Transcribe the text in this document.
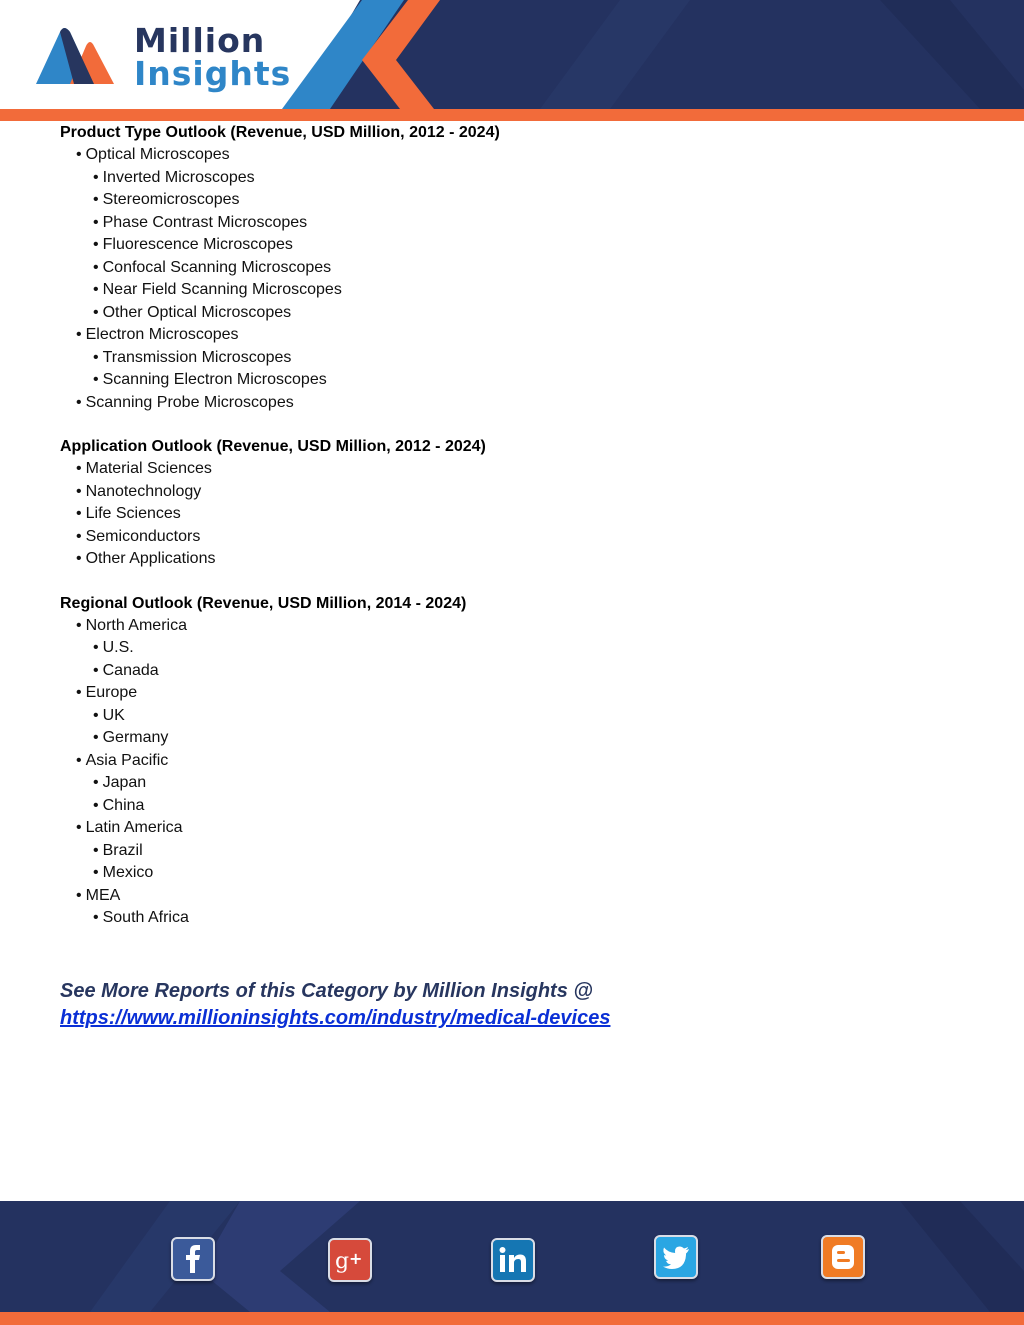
Million
Insights
Product Type Outlook (Revenue, USD Million, 2012 - 2024)
• Optical Microscopes
• Inverted Microscopes
• Stereomicroscopes
• Phase Contrast Microscopes
• Fluorescence Microscopes
• Confocal Scanning Microscopes
• Near Field Scanning Microscopes
• Other Optical Microscopes
• Electron Microscopes
• Transmission Microscopes
• Scanning Electron Microscopes
• Scanning Probe Microscopes
Application Outlook (Revenue, USD Million, 2012 - 2024)
• Material Sciences
• Nanotechnology
• Life Sciences
• Semiconductors
• Other Applications
Regional Outlook (Revenue, USD Million, 2014 - 2024)
• North America
• U.S.
• Canada
• Europe
• UK
• Germany
• Asia Pacific
• Japan
• China
• Latin America
• Brazil
• Mexico
• MEA
• South Africa
See More Reports of this Category by Million Insights @
https://www.millioninsights.com/industry/medical-devices
g +
